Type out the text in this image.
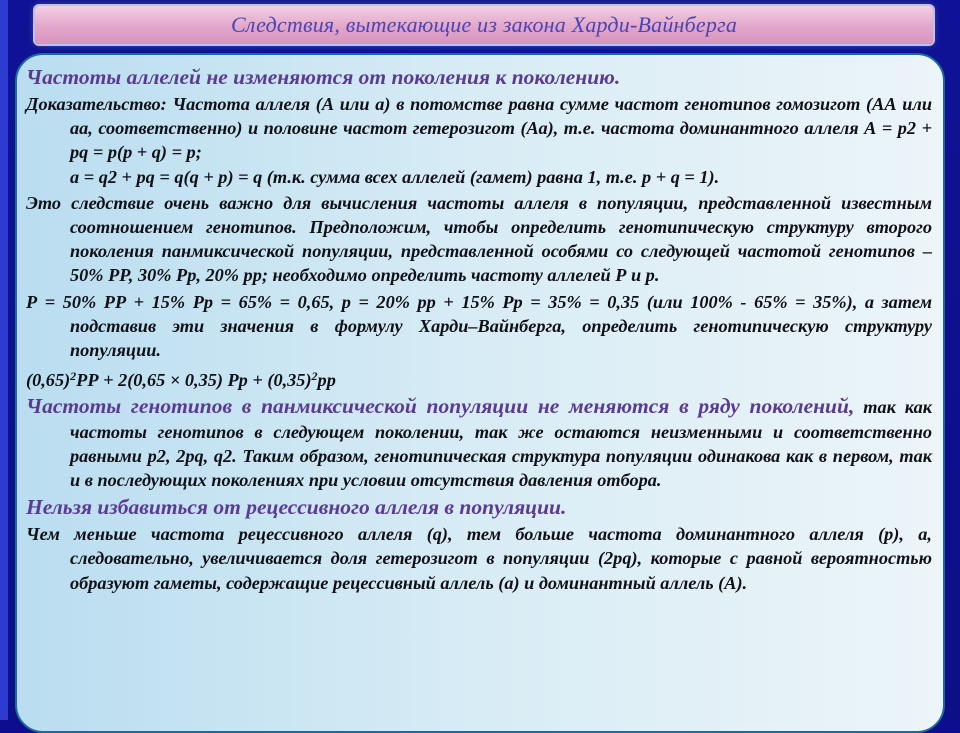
Следствия, вытекающие из закона Харди-Вайнберга

Частоты аллелей не изменяются от поколения к поколению.

Доказательство: Частота аллеля (А или а) в потомстве равна сумме частот генотипов гомозигот (АА или аа, соответственно) и половине частот гетерозигот (Аа), т.е. частота доминантного аллеля А = p2 + pq = p(p + q) = p;

a = q2 + pq = q(q + p) = q (т.к. сумма всех аллелей (гамет) равна 1, т.е. p + q = 1).

Это следствие очень важно для вычисления частоты аллеля в популяции, представленной известным соотношением генотипов. Предположим, чтобы определить генотипическую структуру второго поколения панмиксической популяции, представленной особями со следующей частотой генотипов – 50% РР, 30% Рр, 20% рр; необходимо определить частоту аллелей Р и р.

Р = 50% РР + 15% Рр = 65% = 0,65, р = 20% рр + 15% Рр = 35% = 0,35 (или 100% - 65% = 35%), а затем подставив эти значения в формулу Харди–Вайнберга, определить генотипическую структуру популяции.

$(0,65)^2РР + 2(0,65 \times 0,35)$ Рр + $(0,35)^2рр$

Частоты генотипов в панмиксической популяции не меняются в ряду поколений, так как частоты генотипов в следующем поколении, так же остаются неизменными и соответственно равными p2, 2pq, q2. Таким образом, генотипическая структура популяции одинакова как в первом, так и в последующих поколениях при условии отсутствия давления отбора.

Нельзя избавиться от рецессивного аллеля в популяции.

Чем меньше частота рецессивного аллеля (q), тем больше частота доминантного аллеля (p), а, следовательно, увеличивается доля гетерозигот в популяции (2pq), которые с равной вероятностью образуют гаметы, содержащие рецессивный аллель (а) и доминантный аллель (А).
